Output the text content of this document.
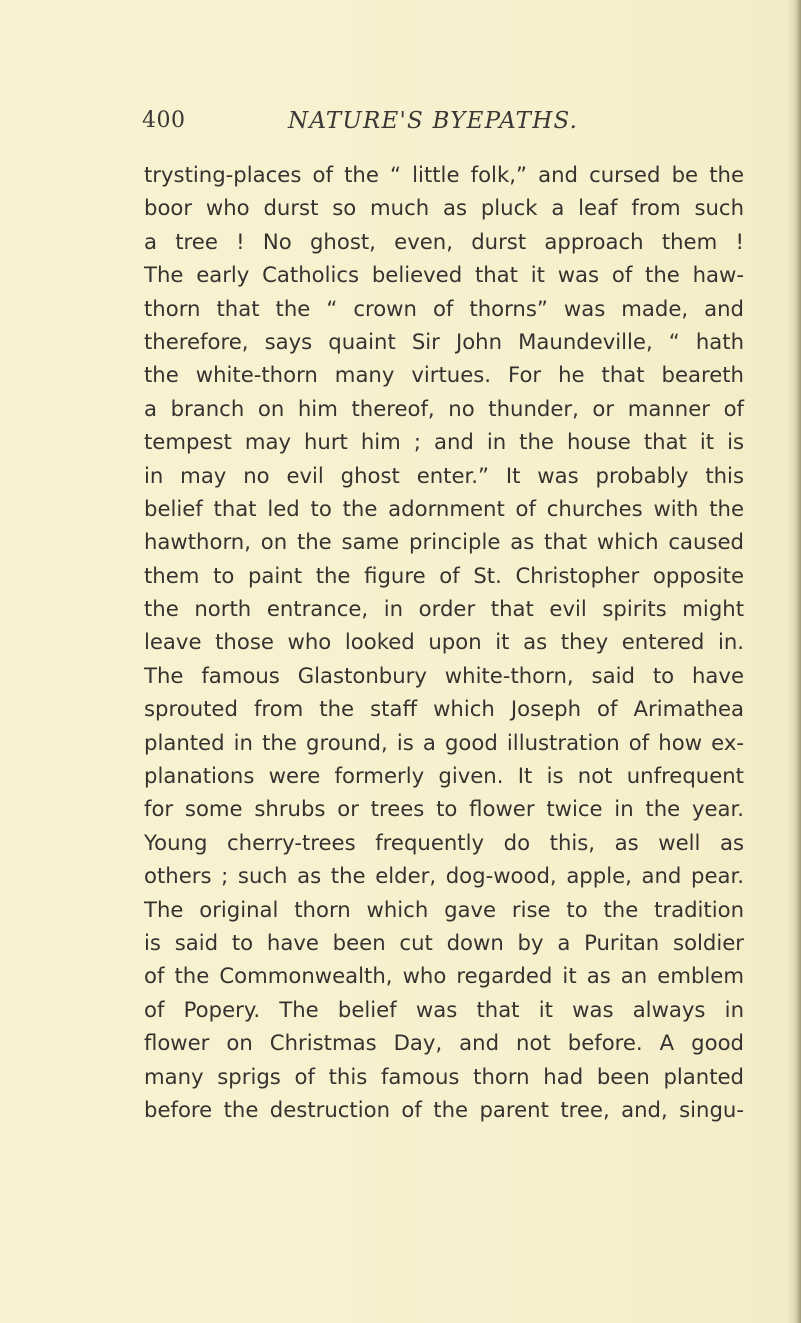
400	NATURE'S BYEPATHS.
trysting-places of the “ little folk,” and cursed be the
boor who durst so much as pluck a leaf from such
a tree ! No ghost, even, durst approach them !
The early Catholics believed that it was of the haw-
thorn that the “ crown of thorns” was made, and
therefore, says quaint Sir John Maundeville, “ hath
the white-thorn many virtues. For he that beareth
a branch on him thereof, no thunder, or manner of
tempest may hurt him ; and in the house that it is
in may no evil ghost enter.” It was probably this
belief that led to the adornment of churches with the
hawthorn, on the same principle as that which caused
them to paint the figure of St. Christopher opposite
the north entrance, in order that evil spirits might
leave those who looked upon it as they entered in.
The famous Glastonbury white-thorn, said to have
sprouted from the staff which Joseph of Arimathea
planted in the ground, is a good illustration of how ex-
planations were formerly given. It is not unfrequent
for some shrubs or trees to flower twice in the year.
Young cherry-trees frequently do this, as well as
others ; such as the elder, dog-wood, apple, and pear.
The original thorn which gave rise to the tradition
is said to have been cut down by a Puritan soldier
of the Commonwealth, who regarded it as an emblem
of Popery. The belief was that it was always in
flower on Christmas Day, and not before. A good
many sprigs of this famous thorn had been planted
before the destruction of the parent tree, and, singu-
